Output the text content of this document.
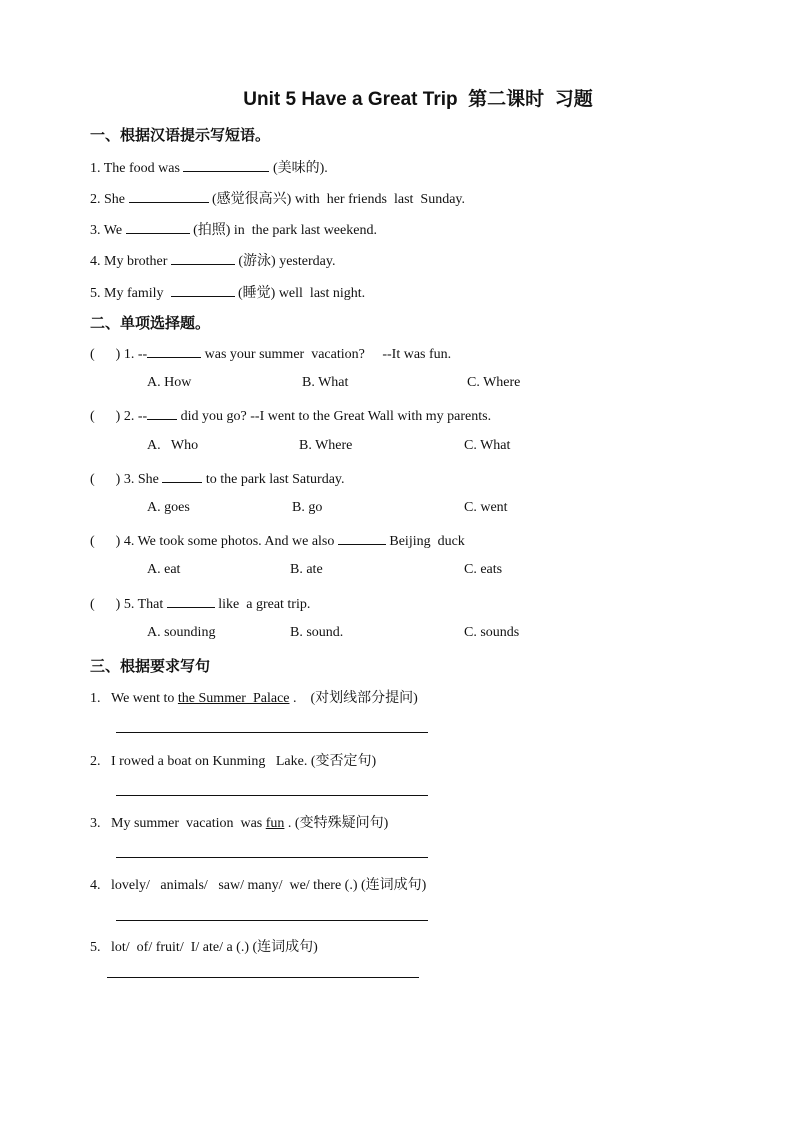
Unit 5 Have a Great Trip  第二课时  习题
一、根据汉语提示写短语。
1. The food was	(美味的).
2. She	(感觉很高兴) with  her friends  last  Sunday.
3. We	(拍照) in  the park last weekend.
4. My brother	(游泳) yesterday.
5. My family	(睡觉) well  last night.
二、单项选择题。
(      ) 1. --	was your summer  vacation?     --It was fun.
A. How	B. What	C. Where
(      ) 2. -- did you go? --I went to the Great Wall with my parents.
A.   Who	B. Where	C. What
(      ) 3. She	to the park last Saturday.
A. goes	B. go	C. went
(      ) 4. We took some photos. And we also	Beijing  duck
A. eat	B. ate	C. eats
(      ) 5. That	like  a great trip.
A. sounding	B. sound.	C. sounds
三、根据要求写句
1. We went to the Summer  Palace .    (对划线部分提问)
2. I rowed a boat on Kunming   Lake. (变否定句)
3. My summer  vacation  was fun . (变特殊疑问句)
4. lovely/   animals/   saw/ many/  we/ there (.) (连词成句)
5. lot/  of/ fruit/  I/ ate/ a (.) (连词成句)
